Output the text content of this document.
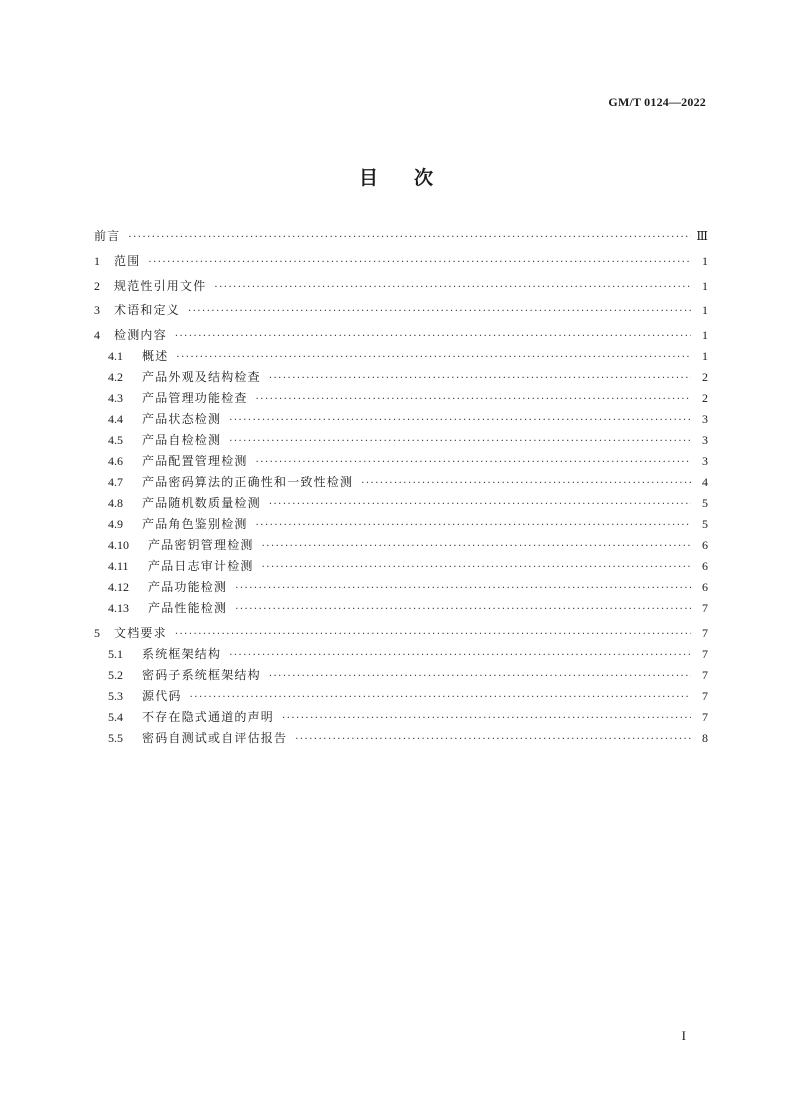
GM/T 0124—2022
目次
前言 ·····	Ⅲ
1	范围 ·····	1
2	规范性引用文件 ·····	1
3	术语和定义 ·····	1
4	检测内容 ·····	1
4.1	概述 ·····	1
4.2	产品外观及结构检查 ·····	2
4.3	产品管理功能检查 ·····	2
4.4	产品状态检测 ·····	3
4.5	产品自检检测 ·····	3
4.6	产品配置管理检测 ·····	3
4.7	产品密码算法的正确性和一致性检测 ·····	4
4.8	产品随机数质量检测 ·····	5
4.9	产品角色鉴别检测 ·····	5
4.10	产品密钥管理检测 ·····	6
4.11	产品日志审计检测 ·····	6
4.12	产品功能检测 ·····	6
4.13	产品性能检测 ·····	7
5	文档要求 ·····	7
5.1	系统框架结构 ·····	7
5.2	密码子系统框架结构 ·····	7
5.3	源代码 ·····	7
5.4	不存在隐式通道的声明 ·····	7
5.5	密码自测试或自评估报告 ·····	8
I
